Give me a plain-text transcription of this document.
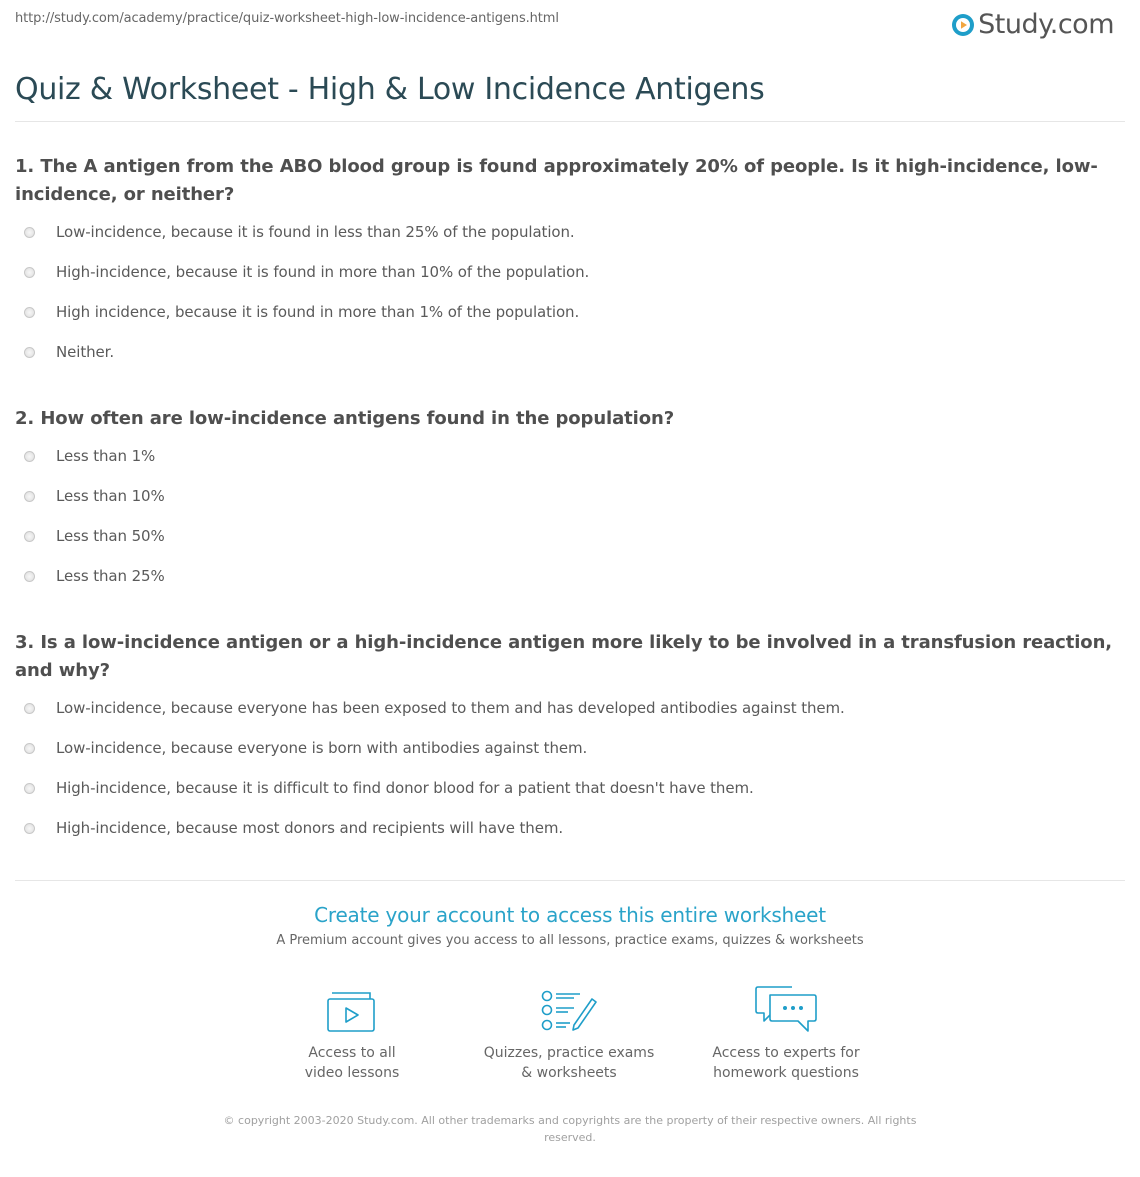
http://study.com/academy/practice/quiz-worksheet-high-low-incidence-antigens.html	Study.com
Quiz & Worksheet - High & Low Incidence Antigens

1. The A antigen from the ABO blood group is found approximately 20% of people. Is it high-incidence, low-incidence, or neither?

Low-incidence, because it is found in less than 25% of the population.
High-incidence, because it is found in more than 10% of the population.
High incidence, because it is found in more than 1% of the population.
Neither.

2. How often are low-incidence antigens found in the population?

Less than 1%
Less than 10%
Less than 50%
Less than 25%

3. Is a low-incidence antigen or a high-incidence antigen more likely to be involved in a transfusion reaction, and why?

Low-incidence, because everyone has been exposed to them and has developed antibodies against them.
Low-incidence, because everyone is born with antibodies against them.
High-incidence, because it is difficult to find donor blood for a patient that doesn't have them.
High-incidence, because most donors and recipients will have them.

Create your account to access this entire worksheet

A Premium account gives you access to all lessons, practice exams, quizzes & worksheets

Access to all
video lessons
Quizzes, practice exams
& worksheets
Access to experts for
homework questions
© copyright 2003-2020 Study.com. All other trademarks and copyrights are the property of their respective owners. All rights reserved.
